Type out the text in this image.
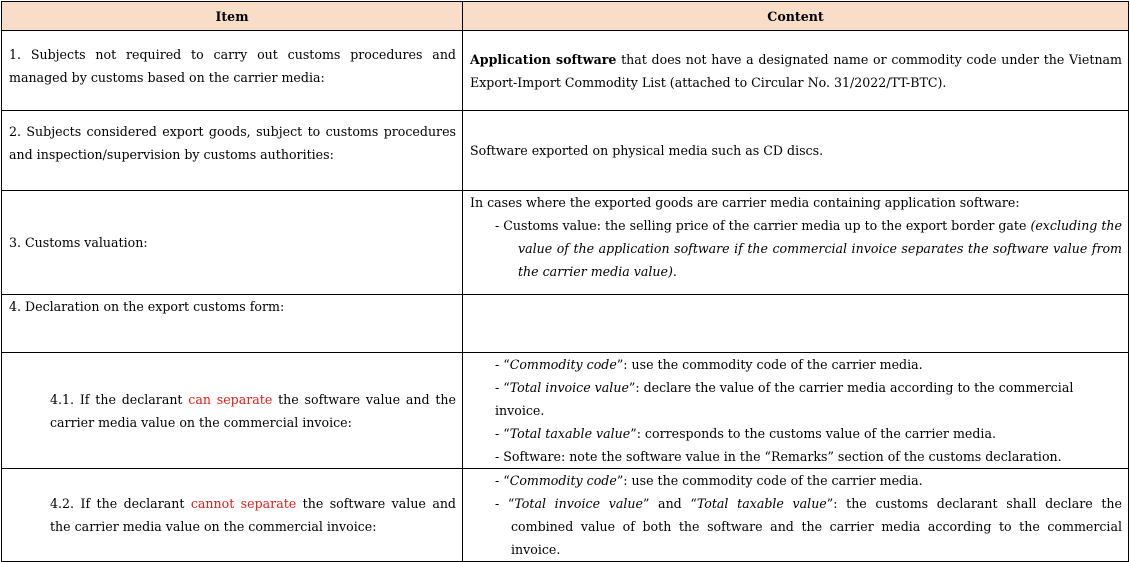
Item	Content
1. Subjects not required to carry out customs procedures and managed by customs based on the carrier media:	Application software that does not have a designated name or commodity code under the Vietnam Export-Import Commodity List (attached to Circular No. 31/2022/TT-BTC).
2. Subjects considered export goods, subject to customs procedures and inspection/supervision by customs authorities:	Software exported on physical media such as CD discs.
3. Customs valuation:	In cases where the exported goods are carrier media containing application software:
- Customs value: the selling price of the carrier media up to the export border gate (excluding the value of the application software if the commercial invoice separates the software value from the carrier media value).

4. Declaration on the export customs form:	
4.1. If the declarant can separate the software value and the carrier media value on the commercial invoice:	- “Commodity code”: use the commodity code of the carrier media.
- “Total invoice value”: declare the value of the carrier media according to the commercial invoice.
- “Total taxable value”: corresponds to the customs value of the carrier media.
- Software: note the software value in the “Remarks” section of the customs declaration.

4.2. If the declarant cannot separate the software value and the carrier media value on the commercial invoice:	- “Commodity code”: use the commodity code of the carrier media.
- “Total invoice value” and “Total taxable value”: the customs declarant shall declare the combined value of both the software and the carrier media according to the commercial invoice.
